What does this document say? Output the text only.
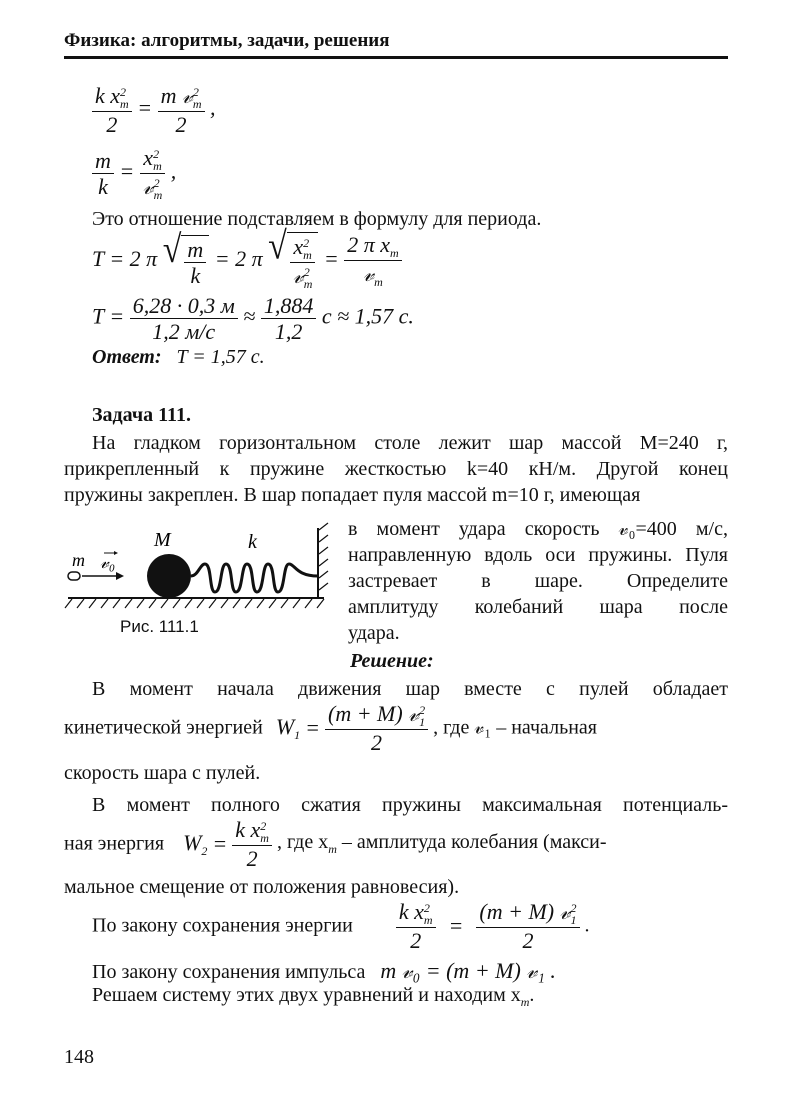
Физика: алгоритмы, задачи, решения
k x 2
m
2 = m 𝓋 2
m
2 ,
$\frac{m}{k} = x$ 2
m
𝓋 2
m ,
Это отношение подставляем в формулу для периода.
T = 2 π √ $\frac{m}{k} = 2$ π √ x 2
m
𝓋 2
$m = \frac{2 \pi x_m}{𝓋_m}$
$T = \frac{6,28 \cdot 0,3 м}{1,2 м/с} \approx \frac{1,884}{1,2}$ с ≈ 1,57 с.
Ответ: T = 1,57 с.
Задача 111.
На гладком горизонтальном столе лежит шар массой M=240 г,
прикрепленный к пружине жесткостью k=40 кН/м. Другой конец
пружины закреплен. В шар попадает пуля массой m=10 г, имеющая
M	k
m 𝓋₀
Рис. 111.1
в момент удара скорость 𝓋₀=400 м/с,
направленную вдоль оси пружины. Пуля
застревает в шаре. Определите
амплитуду колебаний шара после
удара.
Решение:
В момент начала движения шар вместе с пулей обладает
кинетической энергией $W_1 = (m + M)$ 𝓋 2
1
2 , где 𝓋₁ – начальная
скорость шара с пулей.
В момент полного сжатия пружины максимальная потенциаль-
ная энергия $W_2 = k$ x 2
m
2 , где $x_m$ – амплитуда колебания (макси-
мальное смещение от положения равновесия).
По закону сохранения энергии k x 2
m
2 = (m + M) 𝓋 2
1
2 .
По закону сохранения импульса m 𝓋₀ = (m + M) 𝓋₁ .
Решаем систему этих двух уравнений и находим $x_m$.
148
